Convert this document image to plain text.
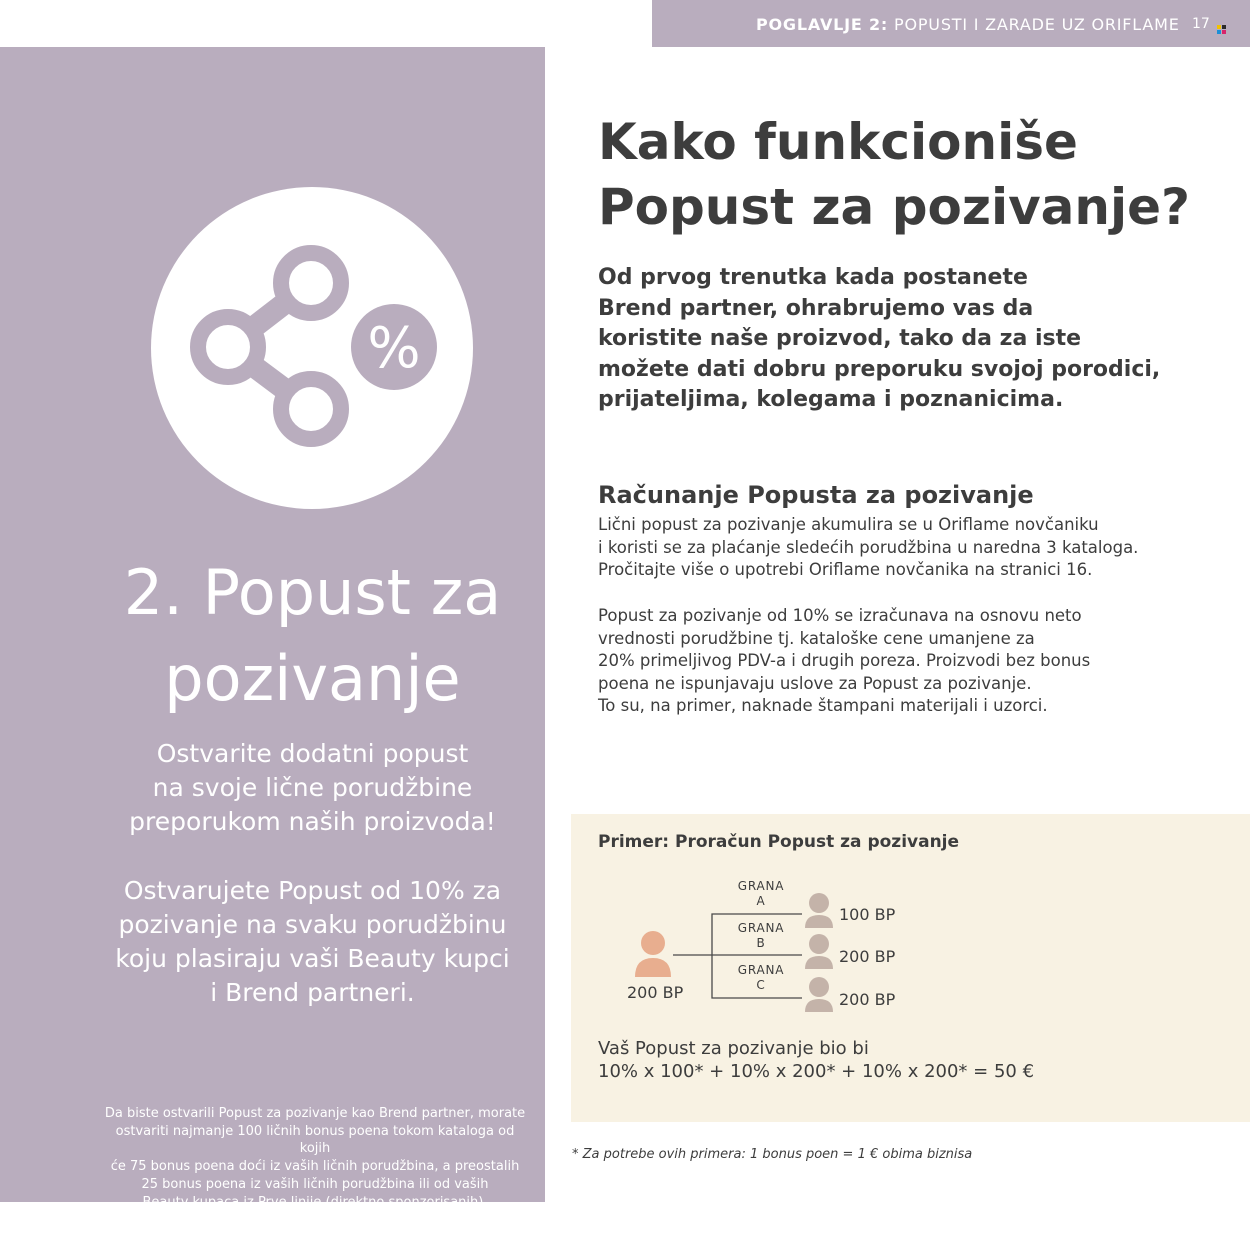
POGLAVLJE 2: POPUSTI I ZARADE UZ ORIFLAME 17
%
2. Popust za
pozivanje

Ostvarite dodatni popust
na svoje lične porudžbine
preporukom naših proizvoda!

Ostvarujete Popust od 10% za
pozivanje na svaku porudžbinu
koju plasiraju vaši Beauty kupci
i Brend partneri.

Da biste ostvarili Popust za pozivanje kao Brend partner, morate
ostvariti najmanje 100 ličnih bonus poena tokom kataloga od kojih
će 75 bonus poena doći iz vaših ličnih porudžbina, a preostalih
25 bonus poena iz vaših ličnih porudžbina ili od vaših
Beauty kupaca iz Prve linije (direktno sponzorisanih),
isključujući sponzorisane Brend partnere.

Kako funkcioniše
Popust za pozivanje?

Od prvog trenutka kada postanete
Brend partner, ohrabrujemo vas da
koristite naše proizvod, tako da za iste
možete dati dobru preporuku svojoj porodici,
prijateljima, kolegama i poznanicima.

Računanje Popusta za pozivanje

Lični popust za pozivanje akumulira se u Oriflame novčaniku
i koristi se za plaćanje sledećih porudžbina u naredna 3 kataloga.
Pročitajte više o upotrebi Oriflame novčanika na stranici 16.

Popust za pozivanje od 10% se izračunava na osnovu neto
vrednosti porudžbine tj. kataloške cene umanjene za
20% primeljivog PDV-a i drugih poreza. Proizvodi bez bonus
poena ne ispunjavaju uslove za Popust za pozivanje.
To su, na primer, naknade štampani materijali i uzorci.

Primer: Proračun Popust za pozivanje
GRANA
A
GRANA
B
GRANA
C
100 BP
200 BP
200 BP
200 BP

Vaš Popust za pozivanje bio bi
10% x 100* + 10% x 200* + 10% x 200* = 50 €

* Za potrebe ovih primera: 1 bonus poen = 1 € obima biznisa
